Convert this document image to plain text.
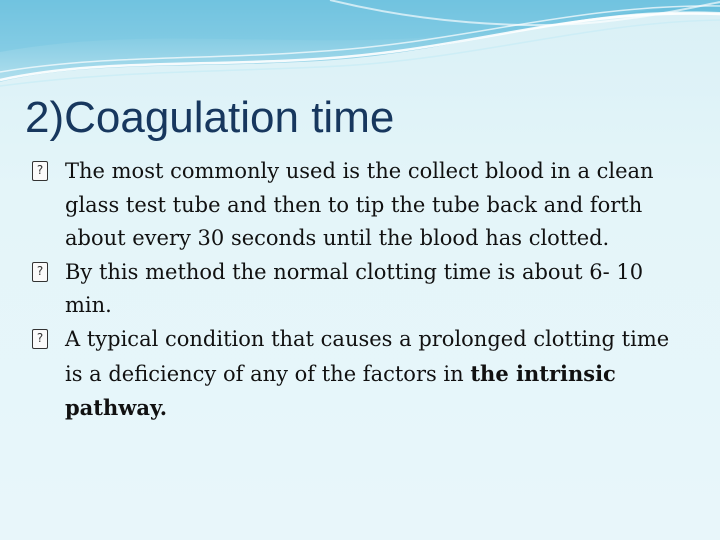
2)Coagulation time
? The most commonly used is the collect blood in a clean glass test tube and then to tip the tube back and forth about every 30 seconds until the blood has clotted.
? By this method the normal clotting time is about 6- 10 min.
? A typical condition that causes a prolonged clotting time is a deficiency of any of the factors in the intrinsic pathway.
